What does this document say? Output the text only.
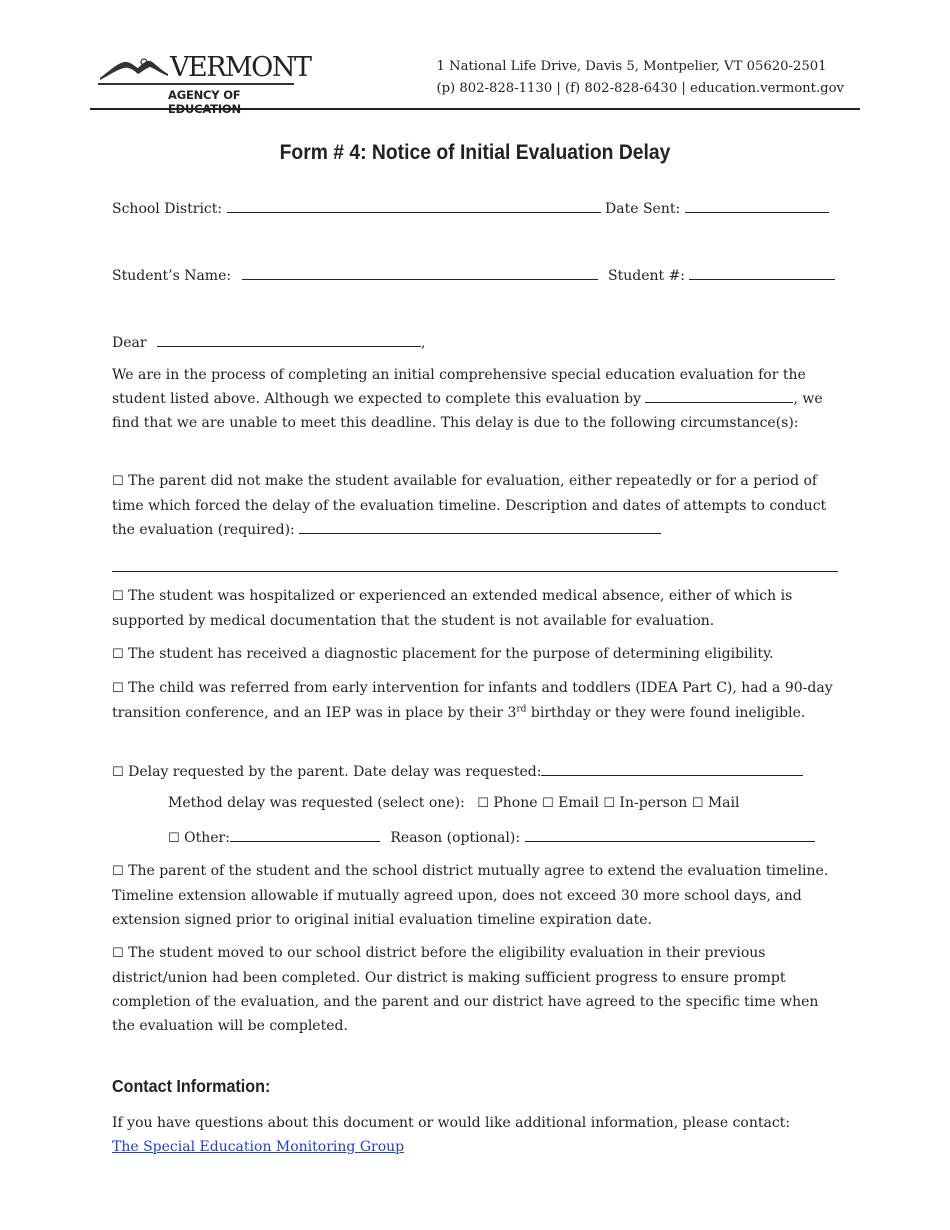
VERMONT
AGENCY OF
1 National Life Drive, Davis 5, Montpelier, VT 05620-2501
(p) 802-828-1130 | (f) 802-828-6430 | education.vermont.gov
Form # 4: Notice of Initial Evaluation Delay
School District:	Date Sent:
Student’s Name:	Student #:
Dear	,
We are in the process of completing an initial comprehensive special education evaluation for the student listed above. Although we expected to complete this evaluation by	, we find that we are unable to meet this deadline. This delay is due to the following circumstance(s):
☐ The parent did not make the student available for evaluation, either repeatedly or for a period of time which forced the delay of the evaluation timeline. Description and dates of attempts to conduct the evaluation (required):
☐ The student was hospitalized or experienced an extended medical absence, either of which is supported by medical documentation that the student is not available for evaluation.
☐ The student has received a diagnostic placement for the purpose of determining eligibility.
☐ The child was referred from early intervention for infants and toddlers (IDEA Part C), had a 90-day transition conference, and an IEP was in place by their 3rd birthday or they were found ineligible.
☐ Delay requested by the parent. Date delay was requested:
Method delay was requested (select one): ☐ Phone ☐ Email ☐ In-person ☐ Mail
☐ Other:	Reason (optional):
☐ The parent of the student and the school district mutually agree to extend the evaluation timeline. Timeline extension allowable if mutually agreed upon, does not exceed 30 more school days, and extension signed prior to original initial evaluation timeline expiration date.
☐ The student moved to our school district before the eligibility evaluation in their previous district/union had been completed. Our district is making sufficient progress to ensure prompt completion of the evaluation, and the parent and our district have agreed to the specific time when the evaluation will be completed.
Contact Information:
If you have questions about this document or would like additional information, please contact:
The Special Education Monitoring Group
